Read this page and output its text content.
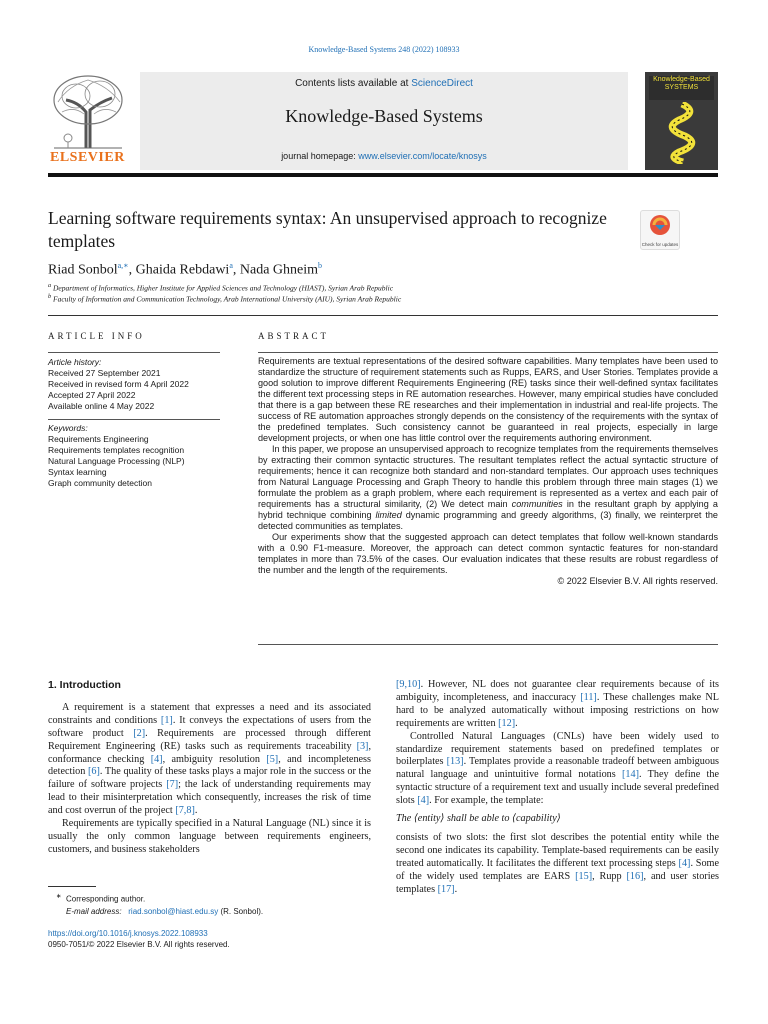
Knowledge-Based Systems 248 (2022) 108933
ELSEVIER
Contents lists available at ScienceDirect
Knowledge-Based Systems
journal homepage: www.elsevier.com/locate/knosys
Knowledge-Based SYSTEMS
Learning software requirements syntax: An unsupervised approach to recognize templates	Check for updates
Riad Sonbol$^{a,∗}$, Ghaida Rebdawi$^a$, Nada Ghneim$^b$
$^a$ Department of Informatics, Higher Institute for Applied Sciences and Technology (HIAST), Syrian Arab Republic
$^b$ Faculty of Information and Communication Technology, Arab International University (AIU), Syrian Arab Republic
ARTICLE INFO	ABSTRACT
Article history:
Received 27 September 2021
Received in revised form 4 April 2022
Accepted 27 April 2022
Available online 4 May 2022
Keywords:
Requirements Engineering
Requirements templates recognition
Natural Language Processing (NLP)
Syntax learning
Graph community detection

Requirements are textual representations of the desired software capabilities. Many templates have been used to standardize the structure of requirement statements such as Rupps, EARS, and User Stories. Templates provide a good solution to improve different Requirements Engineering (RE) tasks since their well-defined syntax facilitates the different text processing steps in RE automation researches. However, many empirical studies have concluded that there is a gap between these RE researches and their implementation in industrial and real-life projects. The success of RE automation approaches strongly depends on the consistency of the requirements with the syntax of the predefined templates. Such consistency cannot be guaranteed in real projects, especially in large development projects, or when one has little control over the requirements authoring environment.

In this paper, we propose an unsupervised approach to recognize templates from the requirements themselves by extracting their common syntactic structures. The resultant templates reflect the actual syntactic structure of requirements; hence it can recognize both standard and non-standard templates. Our approach uses techniques from Natural Language Processing and Graph Theory to handle this problem through three main stages (1) we formulate the problem as a graph problem, where each requirement is represented as a vertex and each pair of requirements has a structural similarity, (2) We detect main communities in the resultant graph by applying a hybrid technique combining limited dynamic programming and greedy algorithms, (3) finally, we reinterpret the detected communities as templates.

Our experiments show that the suggested approach can detect templates that follow well-known standards with a 0.90 F1-measure. Moreover, the approach can detect common syntactic features for non-standard templates in more than 73.5% of the cases. Our evaluation indicates that these results are robust regardless of the number and the length of the requirements.

© 2022 Elsevier B.V. All rights reserved.

1. Introduction

A requirement is a statement that expresses a need and its associated constraints and conditions [1]. It conveys the expectations of users from the software product [2]. Requirements are processed through different Requirement Engineering (RE) tasks such as requirements traceability [3], conformance checking [4], ambiguity resolution [5], and incompleteness detection [6]. The quality of these tasks plays a major role in the success or the failure of software projects [7]; the lack of understanding requirements may lead to their misinterpretation which consequently, increases the risk of time and cost overrun of the project [7,8].

Requirements are typically specified in a Natural Language (NL) since it is usually the only common language between requirements engineers, customers, and business stakeholders

[9,10]. However, NL does not guarantee clear requirements because of its ambiguity, incompleteness, and inaccuracy [11]. These challenges make NL hard to be analyzed automatically without imposing restrictions on how requirements are written [12].

Controlled Natural Languages (CNLs) have been widely used to standardize requirement statements based on predefined templates or boilerplates [13]. Templates provide a reasonable tradeoff between ambiguous natural language and unintuitive formal notations [14]. They define the syntactic structure of a requirement text and usually include several predefined slots [4]. For example, the template:

The ⟨entity⟩ shall be able to ⟨capability⟩

consists of two slots: the first slot describes the potential entity while the second one indicates its capability. Template-based requirements can be easily treated automatically. It facilitates the different text processing steps [4]. Some of the widely used templates are EARS [15], Rupp [16], and user stories templates [17].

∗ Corresponding author.
E-mail address: riad.sonbol@hiast.edu.sy (R. Sonbol).
https://doi.org/10.1016/j.knosys.2022.108933
0950-7051/© 2022 Elsevier B.V. All rights reserved.
